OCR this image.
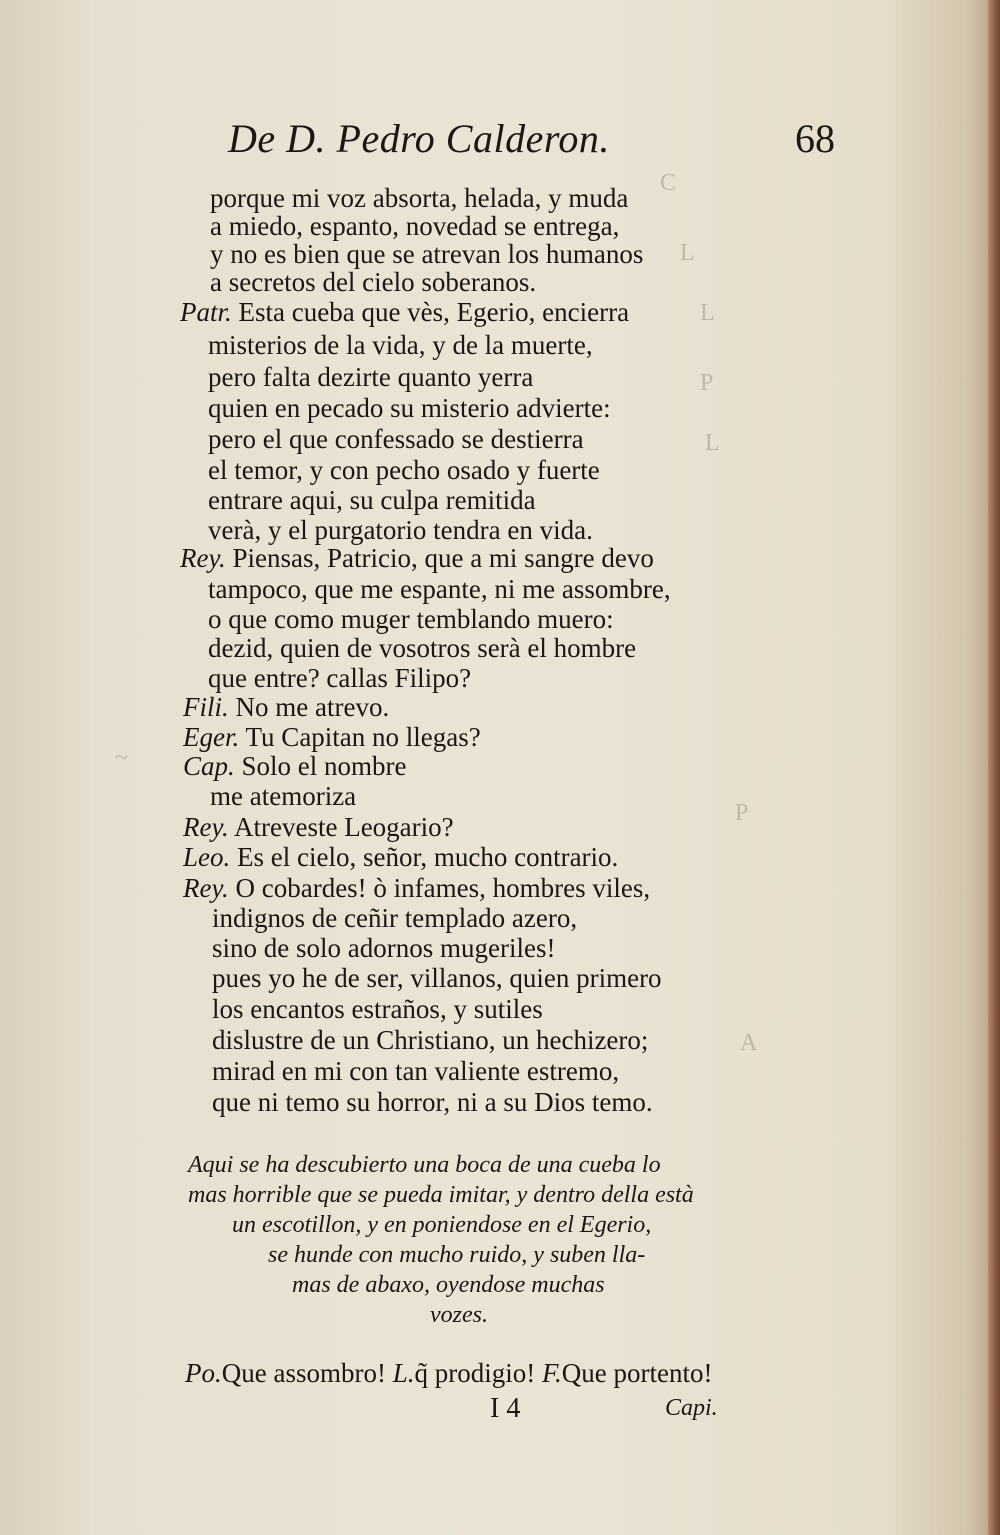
C
L
L
P
L
P
A
~
De D. Pedro Calderon.	68
porque mi voz absorta, helada, y muda
a miedo, espanto, novedad se entrega,
y no es bien que se atrevan los humanos
a secretos del cielo soberanos.
Patr. Esta cueba que vès, Egerio, encierra
misterios de la vida, y de la muerte,
pero falta dezirte quanto yerra
quien en pecado su misterio advierte:
pero el que confessado se destierra
el temor, y con pecho osado y fuerte
entrare aqui, su culpa remitida
verà, y el purgatorio tendra en vida.
Rey. Piensas, Patricio, que a mi sangre devo
tampoco, que me espante, ni me assombre,
o que como muger temblando muero:
dezid, quien de vosotros serà el hombre
que entre? callas Filipo?
Fili. No me atrevo.
Eger. Tu Capitan no llegas?
Cap. Solo el nombre
me atemoriza
Rey. Atreveste Leogario?
Leo. Es el cielo, señor, mucho contrario.
Rey. O cobardes! ò infames, hombres viles,
indignos de ceñir templado azero,
sino de solo adornos mugeriles!
pues yo he de ser, villanos, quien primero
los encantos estraños, y sutiles
dislustre de un Christiano, un hechizero;
mirad en mi con tan valiente estremo,
que ni temo su horror, ni a su Dios temo.
Aqui se ha descubierto una boca de una cueba lo
mas horrible que se pueda imitar, y dentro della està
un escotillon, y en poniendose en el Egerio,
se hunde con mucho ruido, y suben lla-
mas de abaxo, oyendose muchas
vozes.
Po.Que assombro! L.q̃ prodigio! F.Que portento!
I 4	Capi.
